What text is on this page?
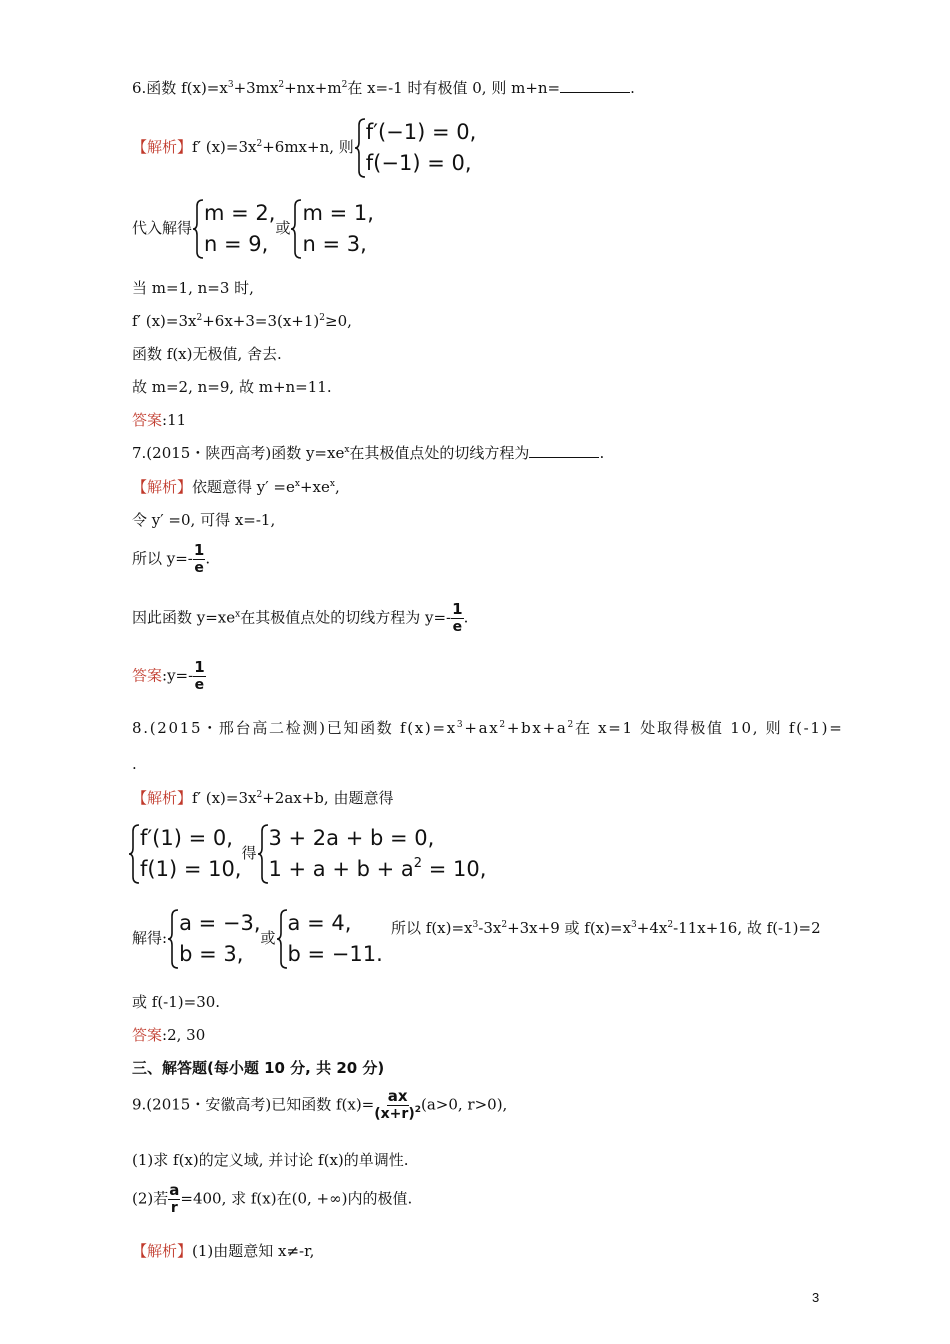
6.函数 $f(x)=x^3+3mx^2+nx+m^2$在 x=-1 时有极值 0, 则 m+n=	.
【解析】f′ $(x)=3x^2+6mx+n$, 则
f′(−1) = 0,
f(−1) = 0,
代入解得
m = 2,
n = 9,
或
m = 1,
n = 3,
当 m=1, n=3 时,
f′ $(x)=3x^2+6x+3=3(x+1)^2\ge 0$,
函数 f(x)无极值, 舍去.
故 m=2, n=9, 故 m+n=11.
答案:11
7.(2015・陕西高考)函数 $y=xe^x$在其极值点处的切线方程为	.
【解析】依题意得 $y' =e^x+xe^x$,
令 y′ =0, 可得 x=-1,
所以 $y=- \frac{1}{e}$ .
因此函数 $y=xe^x$在其极值点处的切线方程为 $y=- \frac{1}{e}$ .
答案:y=- $\frac{1}{e}$
8.(2015・邢台高二检测)已知函数 $f(x)=x^3+ax^2+bx+a^2$在 x=1 处取得极值 10, 则 f(-1)=
.
【解析】f′ $(x)=3x^2+2ax+b$, 由题意得
f′(1) = 0,
f(1) = 10,
得
3 + 2a + b = 0,
$1 + a + b + a^2 = 10$,
解得:
a = −3,
b = 3,
或
a = 4,
b = −11.
所以 $f(x)=x^3-3x^2+3x+9$ 或 $f(x)=x^3+4x^2-11x+16$, 故 f(-1)=2
或 f(-1)=30.
答案:2, 30
三、解答题(每小题 10 分, 共 20 分)
9.(2015・安徽高考)已知函数 $f(x)= \frac{ax}{(x+r)^2} (a>0$, r>0),
(1)求 f(x)的定义域, 并讨论 f(x)的单调性.
(2)若 $\frac{a}{r} =400$, 求 f(x)在(0, +∞)内的极值.
【解析】(1)由题意知 x≠-r,
3
